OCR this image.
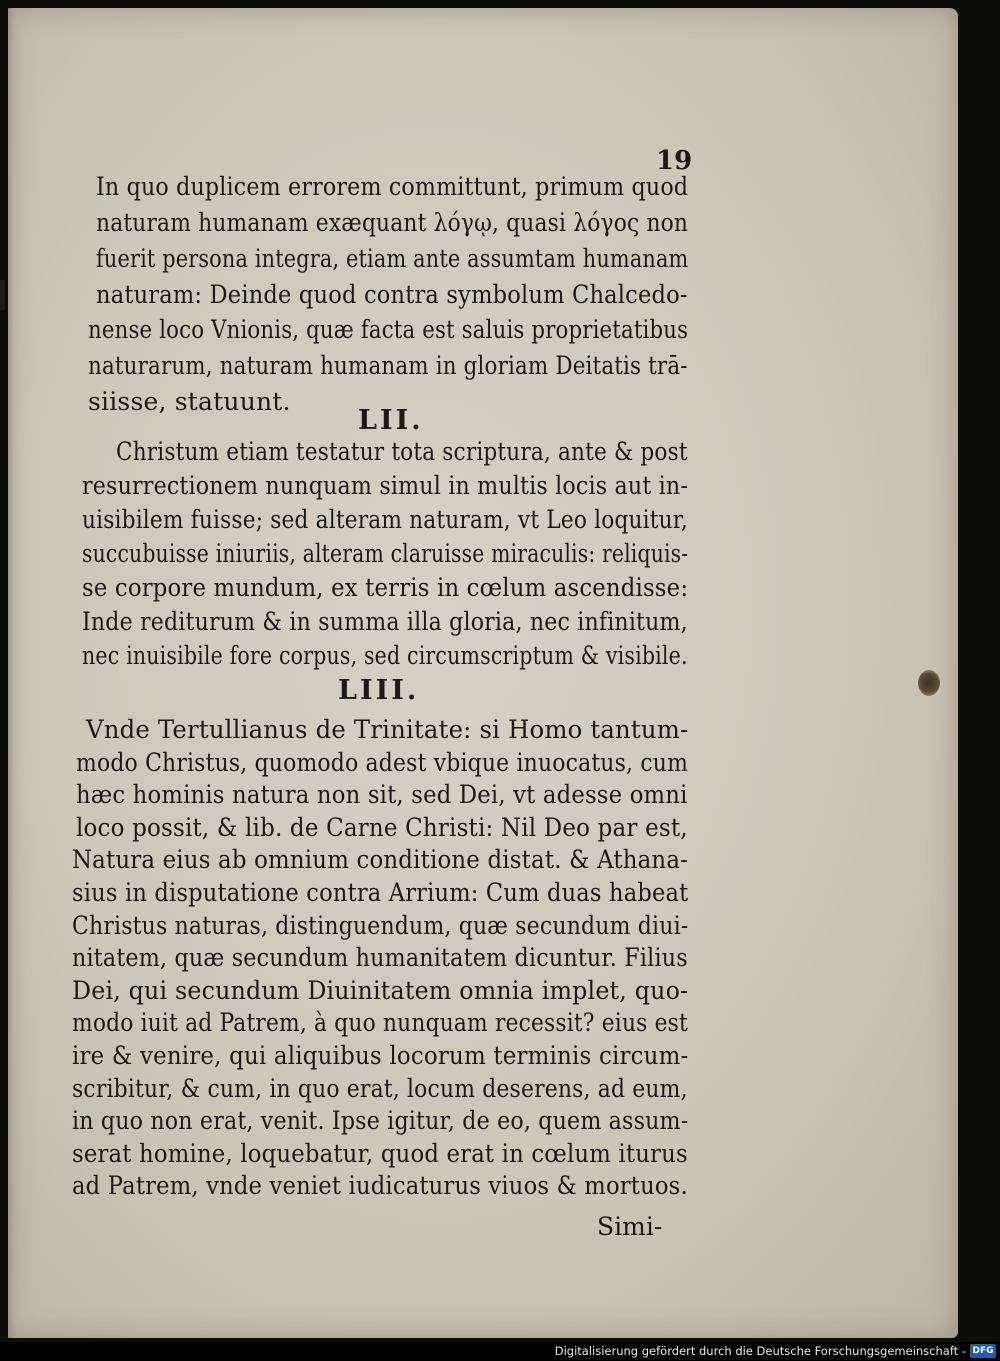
19
In quo duplicem errorem committunt, primum quod
naturam humanam exæquant λόγῳ, quasi λόγος non
fuerit persona integra, etiam ante assumtam humanam
naturam: Deinde quod contra symbolum Chalcedo-
nense loco Vnionis, quæ facta est saluis proprietatibus
naturarum, naturam humanam in gloriam Deitatis trā-
siisse, statuunt.
LII.
Christum etiam testatur tota scriptura, ante & post
resurrectionem nunquam simul in multis locis aut in-
uisibilem fuisse; sed alteram naturam, vt Leo loquitur,
succubuisse iniuriis, alteram claruisse miraculis: reliquis-
se corpore mundum, ex terris in cœlum ascendisse:
Inde rediturum & in summa illa gloria, nec infinitum,
nec inuisibile fore corpus, sed circumscriptum & visibile.
LIII.
Vnde Tertullianus de Trinitate: si Homo tantum-
modo Christus, quomodo adest vbique inuocatus, cum
hæc hominis natura non sit, sed Dei, vt adesse omni
loco possit, & lib. de Carne Christi: Nil Deo par est,
Natura eius ab omnium conditione distat. & Athana-
sius in disputatione contra Arrium: Cum duas habeat
Christus naturas, distinguendum, quæ secundum diui-
nitatem, quæ secundum humanitatem dicuntur. Filius
Dei, qui secundum Diuinitatem omnia implet, quo-
modo iuit ad Patrem, à quo nunquam recessit? eius est
ire & venire, qui aliquibus locorum terminis circum-
scribitur, & cum, in quo erat, locum deserens, ad eum,
in quo non erat, venit. Ipse igitur, de eo, quem assum-
serat homine, loquebatur, quod erat in cœlum iturus
ad Patrem, vnde veniet iudicaturus viuos & mortuos.
Simi-
Digitalisierung gefördert durch die Deutsche Forschungsgemeinschaft - DFG
